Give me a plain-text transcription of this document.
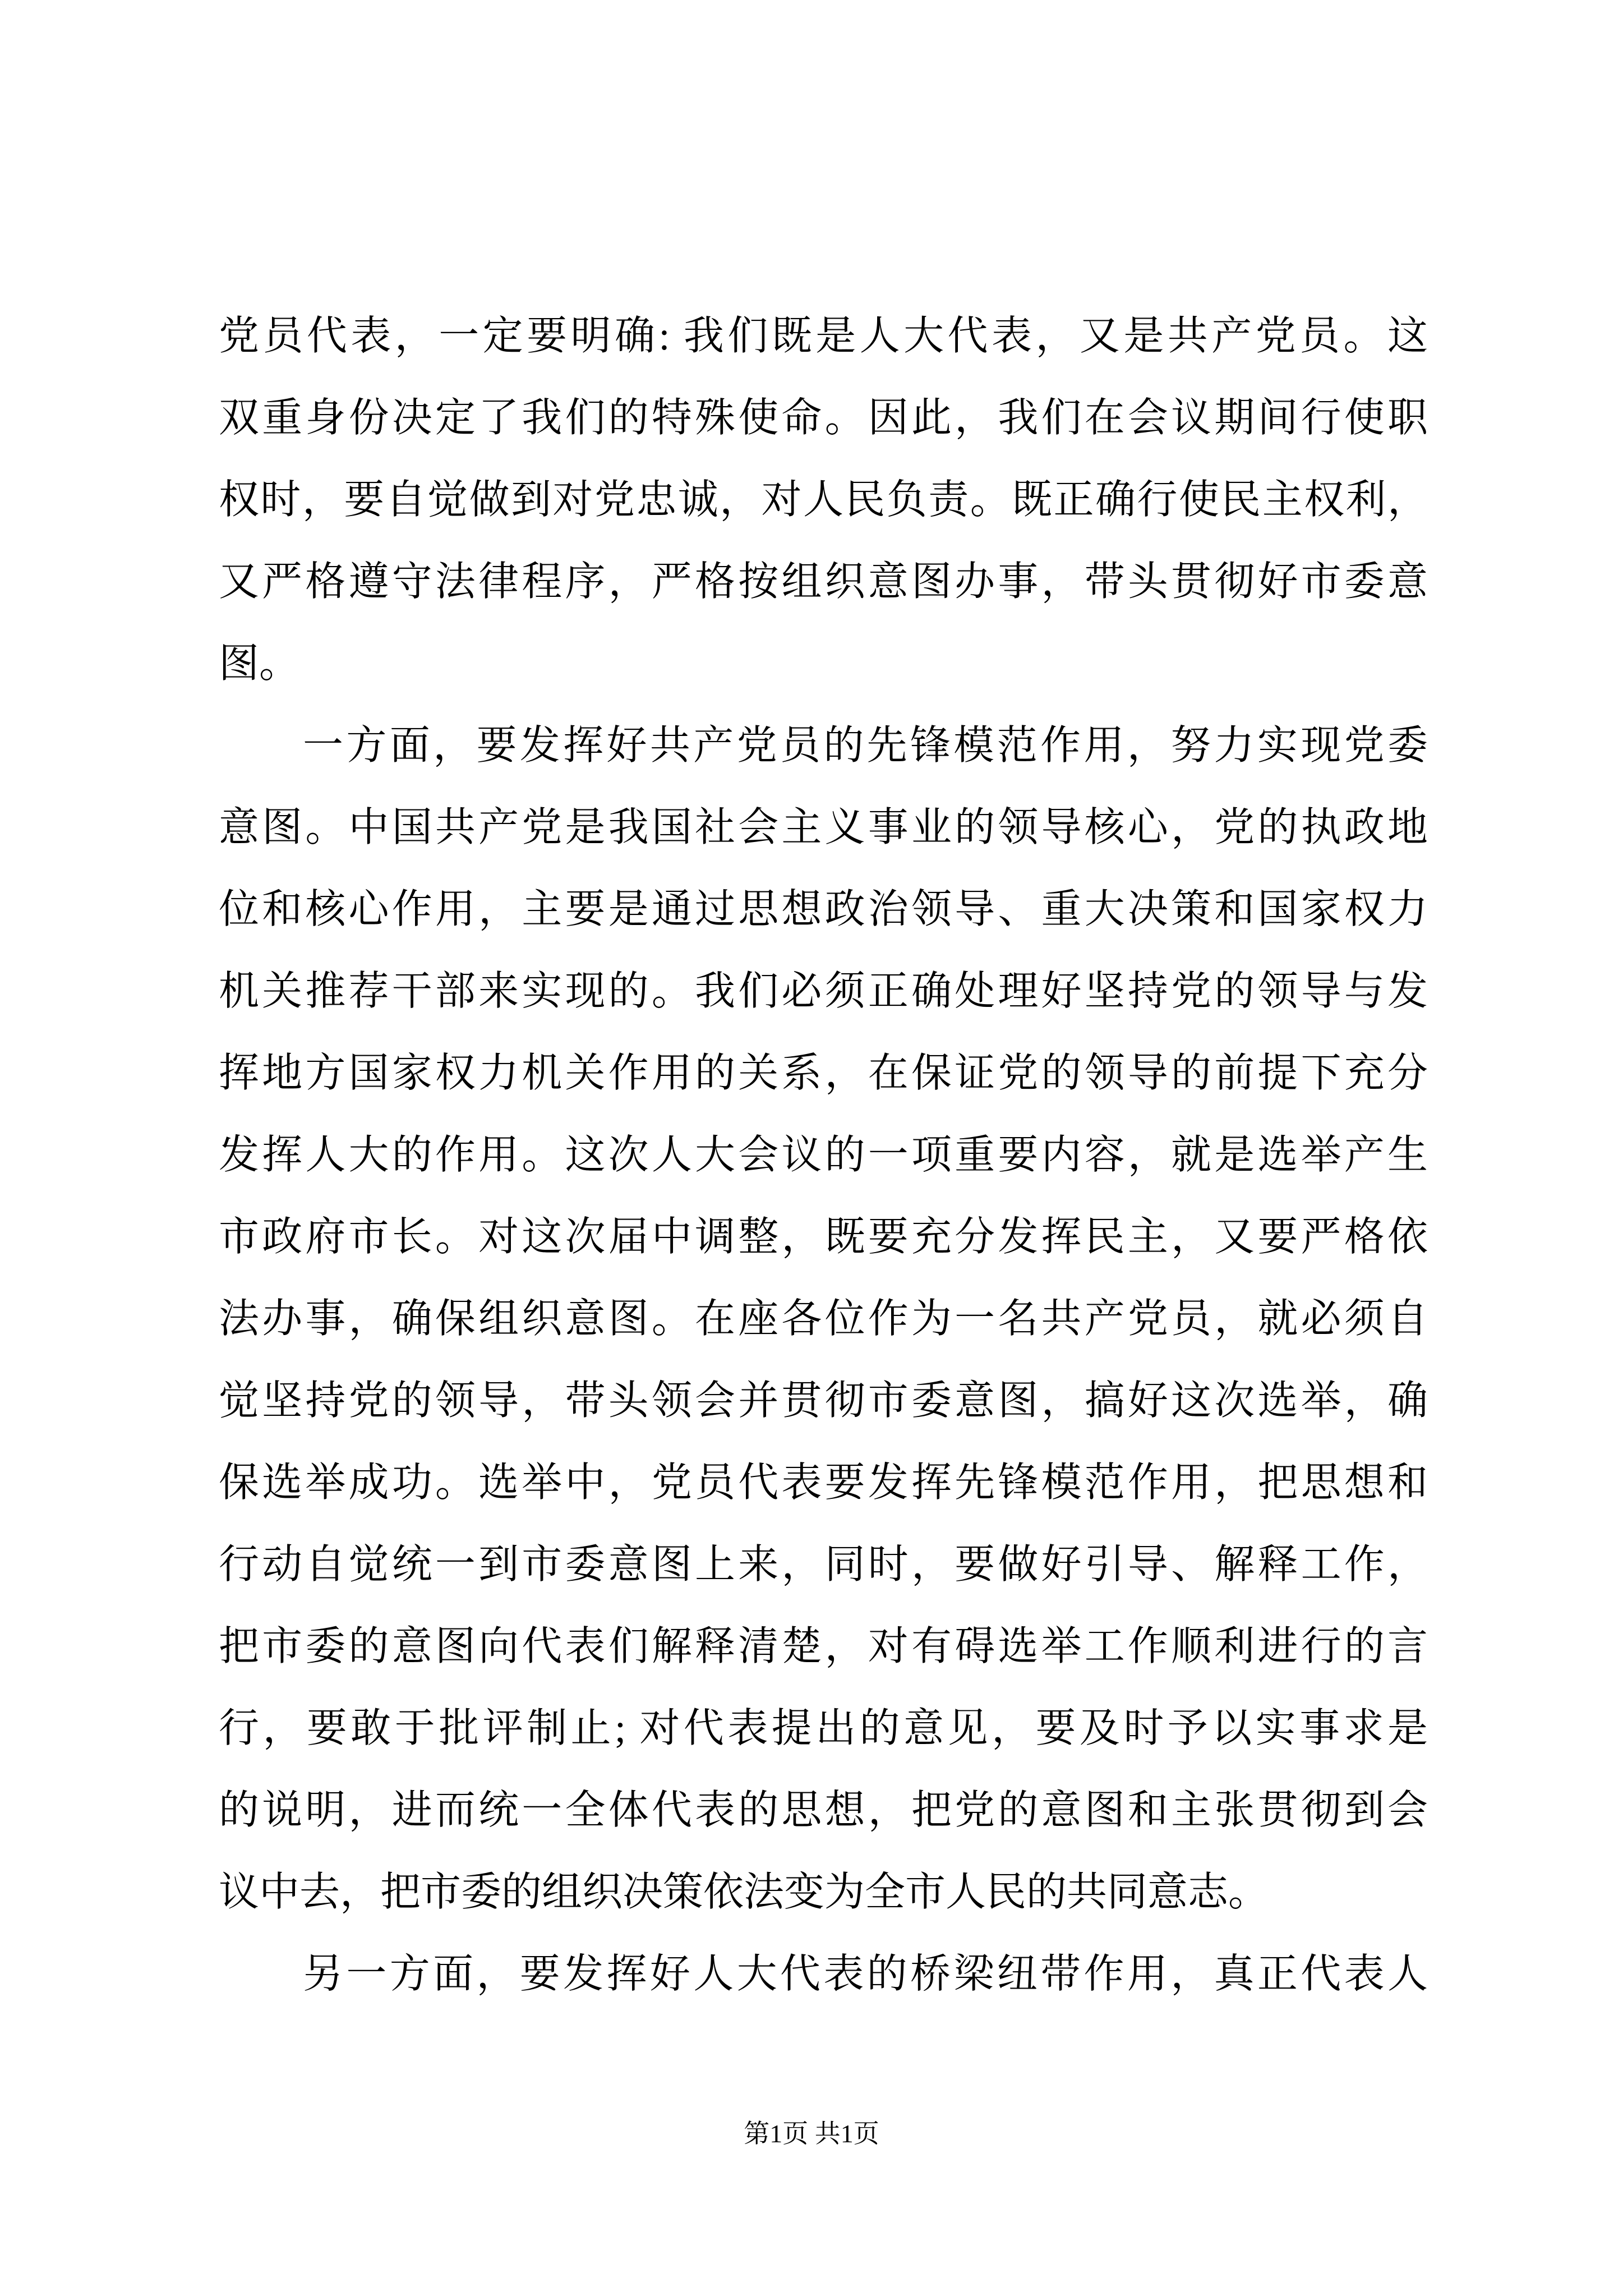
党员代表，一定要明确: 我们既是人大代表，又是共产党员。这
双重身份决定了我们的特殊使命。因此，我们在会议期间行使职
权时，要自觉做到对党忠诚，对人民负责。既正确行使民主权利，
又严格遵守法律程序，严格按组织意图办事，带头贯彻好市委意
图。
一方面，要发挥好共产党员的先锋模范作用，努力实现党委
意图。中国共产党是我国社会主义事业的领导核心，党的执政地
位和核心作用，主要是通过思想政治领导、重大决策和国家权力
机关推荐干部来实现的。我们必须正确处理好坚持党的领导与发
挥地方国家权力机关作用的关系，在保证党的领导的前提下充分
发挥人大的作用。这次人大会议的一项重要内容，就是选举产生
市政府市长。对这次届中调整，既要充分发挥民主，又要严格依
法办事，确保组织意图。在座各位作为一名共产党员，就必须自
觉坚持党的领导，带头领会并贯彻市委意图，搞好这次选举，确
保选举成功。选举中，党员代表要发挥先锋模范作用，把思想和
行动自觉统一到市委意图上来，同时，要做好引导、解释工作，
把市委的意图向代表们解释清楚，对有碍选举工作顺利进行的言
行，要敢于批评制止; 对代表提出的意见，要及时予以实事求是
的说明，进而统一全体代表的思想，把党的意图和主张贯彻到会
议中去，把市委的组织决策依法变为全市人民的共同意志。
另一方面，要发挥好人大代表的桥梁纽带作用，真正代表人
第1页 共1页
